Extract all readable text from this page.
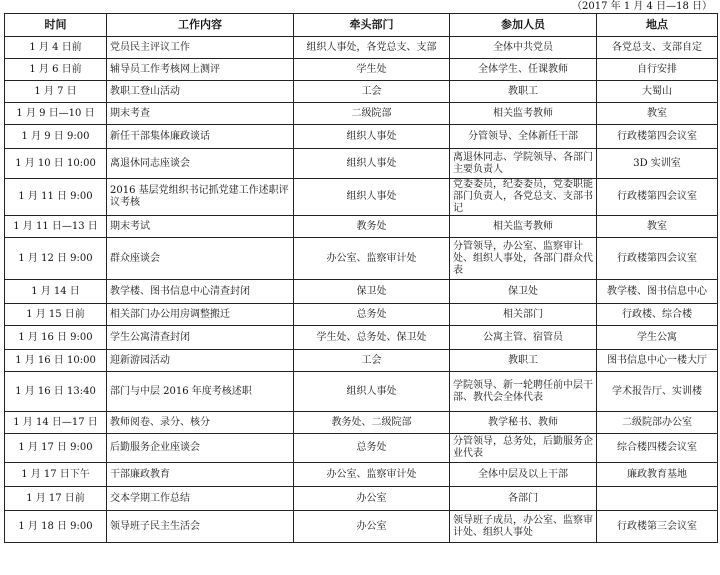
（2017 年 1 月 4 日—18 日）
时间	工作内容	牵头部门	参加人员	地点
1 月 4 日前	党员民主评议工作	组织人事处，各党总支、支部	全体中共党员	各党总支、支部自定
1 月 6 日前	辅导员工作考核网上测评	学生处	全体学生、任课教师	自行安排
1 月 7 日	教职工登山活动	工会	教职工	大蜀山
1 月 9 日—10 日	期末考查	二级院部	相关监考教师	教室
1 月 9 日 9:00	新任干部集体廉政谈话	组织人事处	分管领导、全体新任干部	行政楼第四会议室
1 月 10 日 10:00	离退休同志座谈会	组织人事处	离退休同志、学院领导、各部门主要负责人	3D 实训室
1 月 11 日 9:00	2016 基层党组织书记抓党建工作述职评议考核	组织人事处	党委委员，纪委委员，党委职能部门负责人，各党总支、支部书记	行政楼第四会议室
1 月 11 日—13 日	期末考试	教务处	相关监考教师	教室
1 月 12 日 9:00	群众座谈会	办公室、监察审计处	分管领导，办公室、监察审计处、组织人事处，各部门群众代表	行政楼第四会议室
1 月 14 日	教学楼、图书信息中心清查封闭	保卫处	保卫处	教学楼、图书信息中心
1 月 15 日前	相关部门办公用房调整搬迁	总务处	相关部门	行政楼、综合楼
1 月 16 日 9:00	学生公寓清查封闭	学生处、总务处、保卫处	公寓主管、宿管员	学生公寓
1 月 16 日 10:00	迎新游园活动	工会	教职工	图书信息中心一楼大厅
1 月 16 日 13:40	部门与中层 2016 年度考核述职	组织人事处	学院领导、新一轮聘任前中层干部、教代会全体代表	学术报告厅、实训楼
1 月 14 日—17 日	教师阅卷、录分、核分	教务处、二级院部	教学秘书、教师	二级院部办公室
1 月 17 日 9:00	后勤服务企业座谈会	总务处	分管领导，总务处，后勤服务企业代表	综合楼四楼会议室
1 月 17 日下午	干部廉政教育	办公室、监察审计处	全体中层及以上干部	廉政教育基地
1 月 17 日前	交本学期工作总结	办公室	各部门	
1 月 18 日 9:00	领导班子民主生活会	办公室	领导班子成员，办公室、监察审计处、组织人事处	行政楼第三会议室
